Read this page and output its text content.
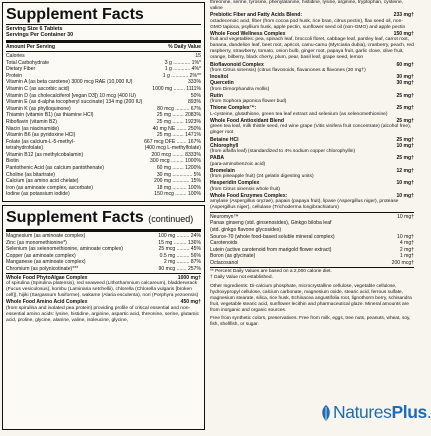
Supplement Facts
Serving Size 6 Tablets
Servings Per Container 30
Amount Per Serving	% Daily Value
Calories	15
Total Carbohydrate	3 g ............ 1%*
Dietary Fiber	1 g ............ 4%*
Protein	1 g ............ 2%**
Vitamin A (as beta carotene) 3000 mcg RAE (10,000 IU)	333%
Vitamin C (as ascorbic acid)	1000 mg ........ 1111%
Vitamin D (as cholecalciferol [vegan D3]) 10 mcg (400 IU)	50%
Vitamin E (as d-alpha tocopheryl succinate) 134 mg (200 IU)	893%
Vitamin K (as phylloquinone)	80 mcg .......... 67%
Thiamin (vitamin B1) (as thiamine HCl)	25 mg ........ 2083%
Riboflavin (vitamin B2)	25 mg ........ 1923%
Niacin (as niacinamide)	40 mg NE ....... 250%
Vitamin B6 (as pyridoxine HCl)	25 mg ........ 1471%
Folate (as calcium-L-5-methyl-	667 mcg DFE ....... 167%
tetrahydrofolate)	(400 mcg L-methylfolate)
Vitamin B12 (as methylcobalamin)	200 mcg ........ 8333%
Biotin	300 mcg ......... 1000%
Pantothenic Acid (as calcium pantothenate)	60 mg ........ 1200%
Choline (as bitartrate)	30 mg .............. 5%
Calcium (as amino acid chelate)	200 mg ............ 15%
Iron (as aminoate complex, ascorbate)	18 mg .......... 100%
Iodine (as potassium iodide)	150 mcg ........ 100%
Supplement Facts (continued)
Magnesium (as aminoate complex)	100 mg ......... 24%
Zinc (as monomethionine*)	15 mg ......... 136%
Selenium (as selenomethionine, aminoate complex)	25 mcg ......... 45%
Copper (as aminoate complex)	0.5 mg ......... 56%
Manganese (as aminoate complex)	2 mg ......... 87%
Chromium (as polynicotinate)***	90 mcg ....... 257%
Whole Food PhytoAlgae Complex	1000 mg†
of spirulina (Spirulina platensis), red seaweed (Lithothamnium calcareum), bladderwrack (Fucus vesiculosus), kombu (Laminaria setchellii), chlorella (Chlorella vulgaris [broken cell]), hijiki (Sargassum fusiforme), wakame (Alaria esculenta), nori (Porphyra yezoensis)
Whole Food Amino Acid Complex	450 mg†
(from spirulina and isolated pea protein) providing profile of critical essential and non-essential amino acids: lysine, histidine, arginine, aspartic acid, threonine, serine, glutamic acid, proline, glycine, alanine, valine, isoleucine, glycine,
threonine, serine, tyrosine, phenylalanine, histidine, lysine, arginine, tryptophan, cysteine, valine
Prebiotic Fiber and Fatty Acids Blend:	233 mg†
octadecenoic acid, fiber (from cocoa pod husk, rice bran, citrus pectin), flax seed oil, non-GMO tapioca, psyllium husk, apple pectin, sunflower seed oil (non-GMO) and apple pectin
Whole Food Wellness Complex	150 mg†
fruit and vegetables: pea, spinach leaf, broccoli floret, cabbage leaf, parsley leaf, carrot root, banana, dandelion leaf, beet root, apricot, camu-camu (Myrciaria dubia), cranberry, peach, red raspberry, strawberry, tomato, onion bulb, ginger root, papaya fruit, garlic clove, olive fruit, orange, bilberry, black cherry, plum, pear, basil leaf, grape seed, lemon
Bioflavonoid Complex	60 mg†
(from Citrus sinensis) (citrus flavonoids, flavanones & flavones (30 mg†)
Inositol	30 mg†
Quercetin	30 mg†
(from Dimorphandra mollis)
Rutin	25 mg†
(from Sophora japonica flower bud)
Thione Complex™:	25 mg†
L-cysteine, glutathione, green tea leaf extract and selenium (as selenomethionine)
Whole Food Antioxidant Blend	25 mg†
green tea leaf, milk thistle seed, red wine grape (Vitis vinifera fruit concentrate) (alcohol free), ginger root
Betaine HCl	25 mg†
Chlorophyll	10 mg†
(from alfalfa leaf) (standardized to 4% sodium copper chlorophyllin)
PABA	25 mg†
(para-aminobenzoic acid)
Bromelain	12 mg†
(from pineapple fruit) (24 gelatin digesting units)
Hesperidin Complex	10 mg†
(from Citrus sinensis whole fruit)
Whole Food Enzymes Complex:	10 mg†
amylase (Aspergillus oryzae), papain (papaya fruit), lipase (Aspergillus niger), protease (Aspergillus niger), cellulase (Trichoderma longibrachiatum)
Neuromyn™	10 mg†
Panax ginseng (std. ginsenosides), Ginkgo biloba leaf
(std. ginkgo flavone glycosides)
Source-70 (whole food-based soluble mineral complex)	10 mg†
Carotenoids	4 mg†
Lutein (active carotenoid from marigold flower extract)	2 mg†
Boron (as glycinate)	1 mg†
Octacosanol	200 mcg†
** Percent Daily Values are based on a 2,000 calorie diet.
† Daily Value not established.
Other Ingredients: Di-calcium phosphate, microcrystalline cellulose, vegetable cellulose, hydroxypropyl cellulose, calcium carbonate, magnesium oxide, stearic acid, ferrous sulfate, magnesium stearate, silica, rice husk, Echinacea angustifolia root, lignothorm berry, schisandra fruit, vegetable stearic acid, sunflower lecithin and pharmaceutical glaze. Mineral amounts are from inorganic and organic sources.
Free from synthetic colors, preservatives. Free from milk, eggs, tree nuts, peanuts, wheat, soy, fish, shellfish, or sugar.
NaturesPlus.
